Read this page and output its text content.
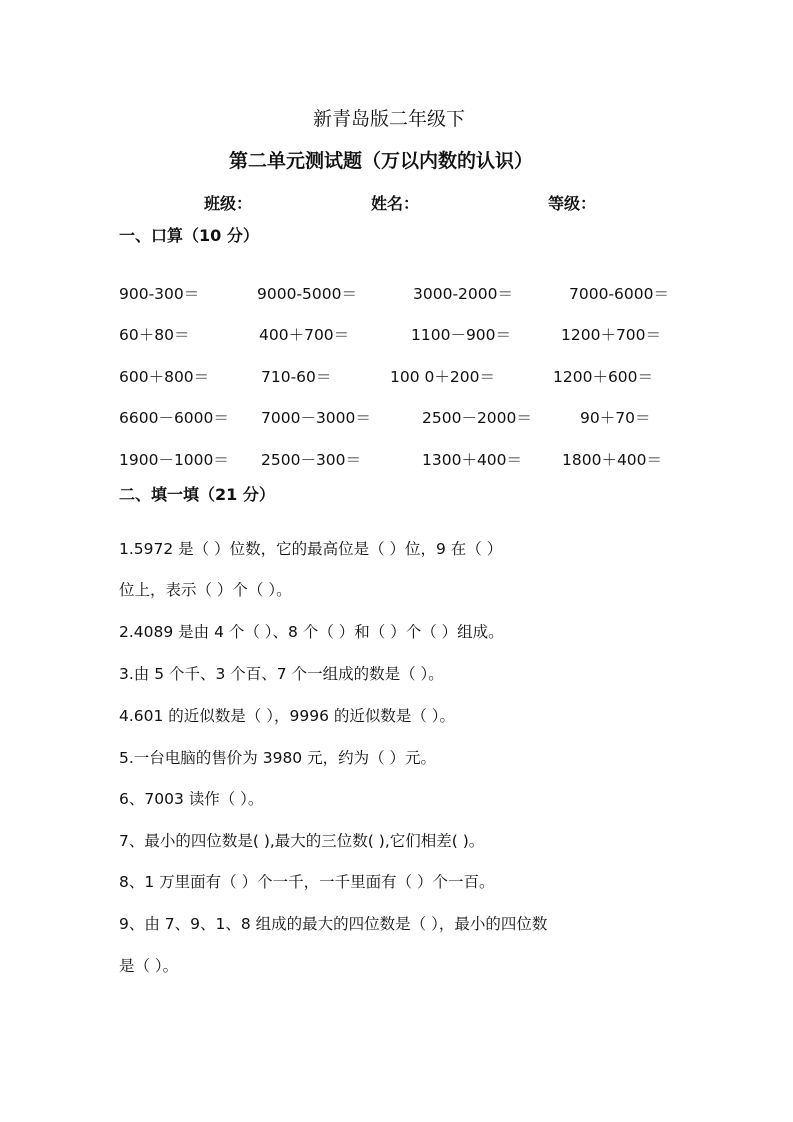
新青岛版二年级下
第二单元测试题（万以内数的认识）
班级：	姓名：	等级：
一、口算（10 分）
900-300＝	9000-5000＝	3000-2000＝	7000-6000＝
60＋80＝	400＋700＝	1100－900＝	1200＋700＝
600＋800＝	710-60＝	100 0＋200＝	1200＋600＝
6600－6000＝ 7000－3000＝	2500－2000＝	90＋70＝
1900－1000＝ 2500－300＝	1300＋400＝	1800＋400＝
二、填一填（21 分）
1.5972 是（ ）位数，它的最高位是（ ）位，9 在（ ）
位上，表示（ ）个（ ）。
2.4089 是由 4 个（ ）、8 个（ ）和（ ）个（ ）组成。
3.由 5 个千、3 个百、7 个一组成的数是（ ）。
4.601 的近似数是（ ），9996 的近似数是（ ）。
5.一台电脑的售价为 3980 元，约为（ ）元。
6、7003 读作（ ）。
7、最小的四位数是( ),最大的三位数( ),它们相差( )。
8、1 万里面有（ ）个一千，一千里面有（ ）个一百。
9、由 7、9、1、8 组成的最大的四位数是（ ），最小的四位数
是（ ）。
